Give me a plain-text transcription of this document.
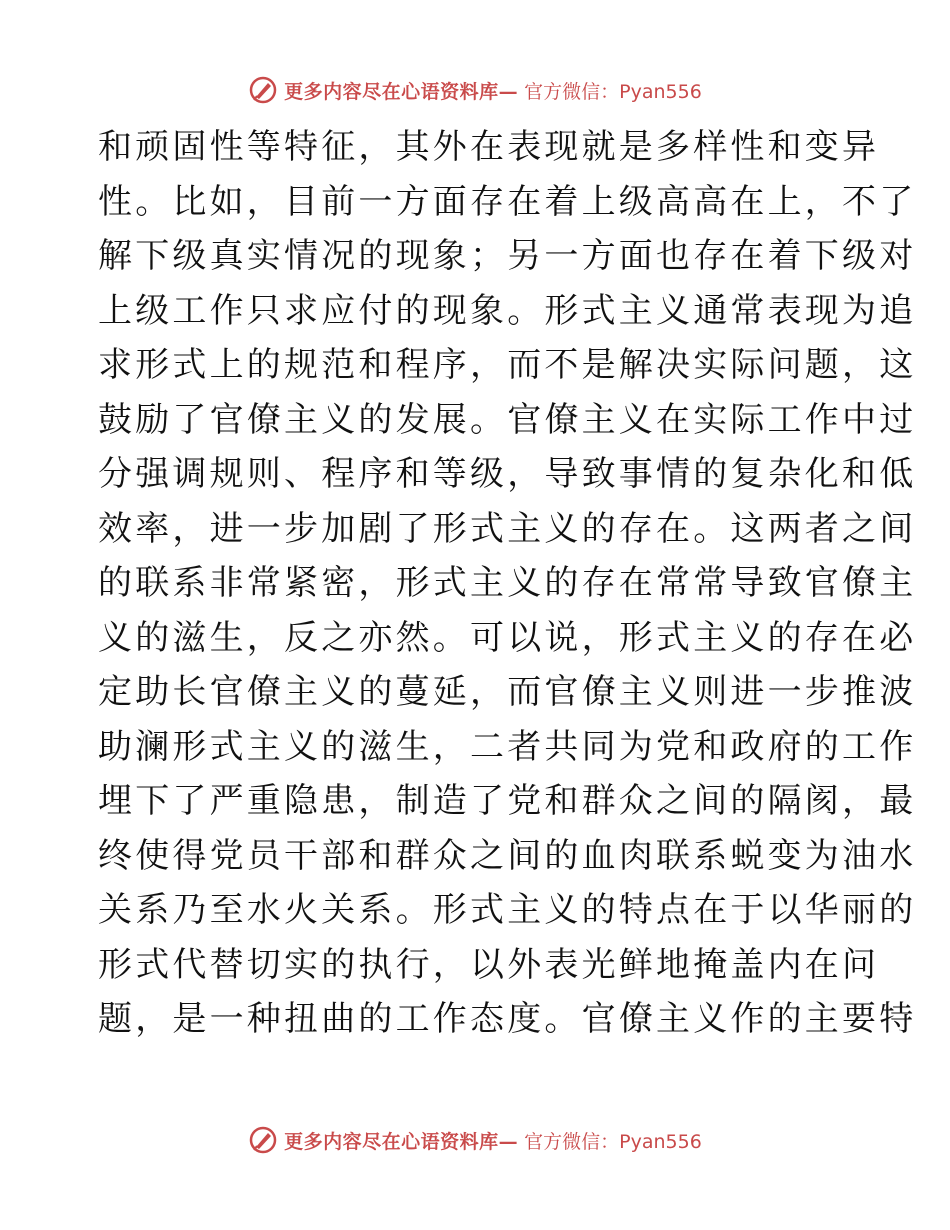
更多内容尽在心语资料库— 官方微信：Pyan556
和顽固性等特征，其外在表现就是多样性和变异
性。比如，目前一方面存在着上级高高在上，不了
解下级真实情况的现象；另一方面也存在着下级对
上级工作只求应付的现象。形式主义通常表现为追
求形式上的规范和程序，而不是解决实际问题，这
鼓励了官僚主义的发展。官僚主义在实际工作中过
分强调规则、程序和等级，导致事情的复杂化和低
效率，进一步加剧了形式主义的存在。这两者之间
的联系非常紧密，形式主义的存在常常导致官僚主
义的滋生，反之亦然。可以说，形式主义的存在必
定助长官僚主义的蔓延，而官僚主义则进一步推波
助澜形式主义的滋生，二者共同为党和政府的工作
埋下了严重隐患，制造了党和群众之间的隔阂，最
终使得党员干部和群众之间的血肉联系蜕变为油水
关系乃至水火关系。形式主义的特点在于以华丽的
形式代替切实的执行，以外表光鲜地掩盖内在问
题，是一种扭曲的工作态度。官僚主义作的主要特
更多内容尽在心语资料库— 官方微信：Pyan556
